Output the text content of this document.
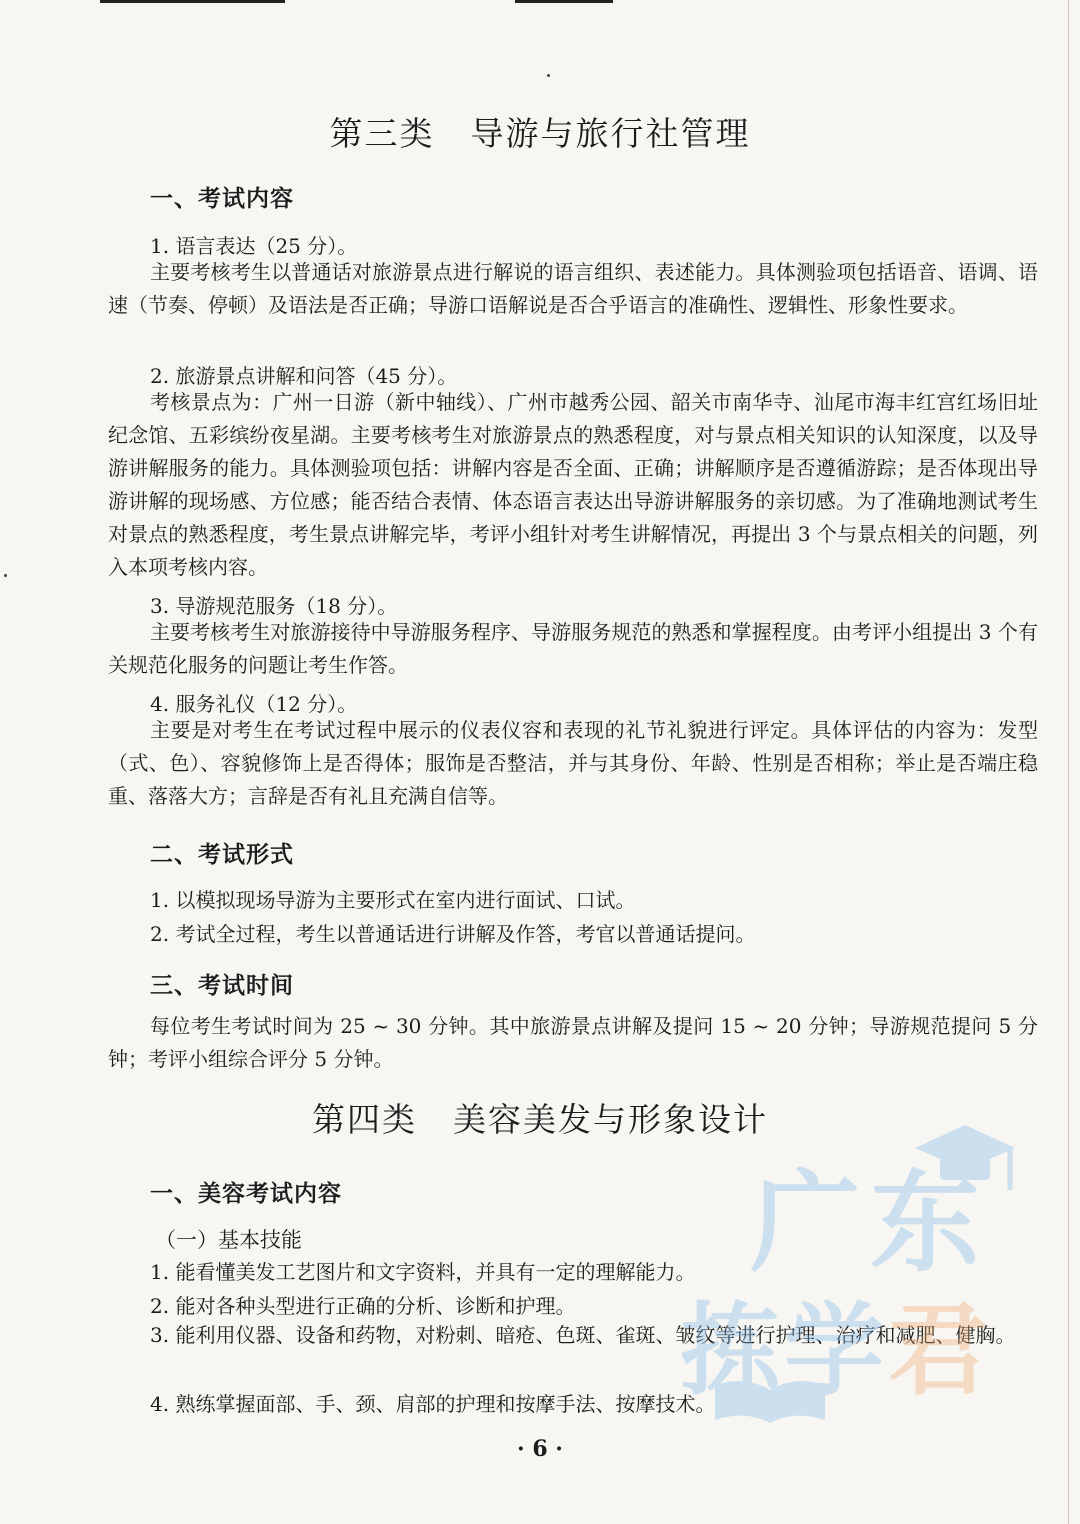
第三类 导游与旅行社管理
一、考试内容
1. 语言表达（25 分）。
主要考核考生以普通话对旅游景点进行解说的语言组织、表述能力。具体测验项包括语音、语调、语速（节奏、停顿）及语法是否正确；导游口语解说是否合乎语言的准确性、逻辑性、形象性要求。
2. 旅游景点讲解和问答（45 分）。
考核景点为：广州一日游（新中轴线）、广州市越秀公园、韶关市南华寺、汕尾市海丰红宫红场旧址纪念馆、五彩缤纷夜星湖。主要考核考生对旅游景点的熟悉程度，对与景点相关知识的认知深度，以及导游讲解服务的能力。具体测验项包括：讲解内容是否全面、正确；讲解顺序是否遵循游踪；是否体现出导游讲解的现场感、方位感；能否结合表情、体态语言表达出导游讲解服务的亲切感。为了准确地测试考生对景点的熟悉程度，考生景点讲解完毕，考评小组针对考生讲解情况，再提出 3 个与景点相关的问题，列入本项考核内容。
3. 导游规范服务（18 分）。
主要考核考生对旅游接待中导游服务程序、导游服务规范的熟悉和掌握程度。由考评小组提出 3 个有关规范化服务的问题让考生作答。
4. 服务礼仪（12 分）。
主要是对考生在考试过程中展示的仪表仪容和表现的礼节礼貌进行评定。具体评估的内容为：发型（式、色）、容貌修饰上是否得体；服饰是否整洁，并与其身份、年龄、性别是否相称；举止是否端庄稳重、落落大方；言辞是否有礼且充满自信等。
二、考试形式
1. 以模拟现场导游为主要形式在室内进行面试、口试。
2. 考试全过程，考生以普通话进行讲解及作答，考官以普通话提问。
三、考试时间
每位考生考试时间为 25 ~ 30 分钟。其中旅游景点讲解及提问 15 ~ 20 分钟；导游规范提问 5 分钟；考评小组综合评分 5 分钟。
第四类 美容美发与形象设计
一、美容考试内容
（一）基本技能
1. 能看懂美发工艺图片和文字资料，并具有一定的理解能力。
2. 能对各种头型进行正确的分析、诊断和护理。
3. 能利用仪器、设备和药物，对粉刺、暗疮、色斑、雀斑、皱纹等进行护理、治疗和减肥、健胸。
4. 熟练掌握面部、手、颈、肩部的护理和按摩手法、按摩技术。
· 6 ·
广东
拣学君
